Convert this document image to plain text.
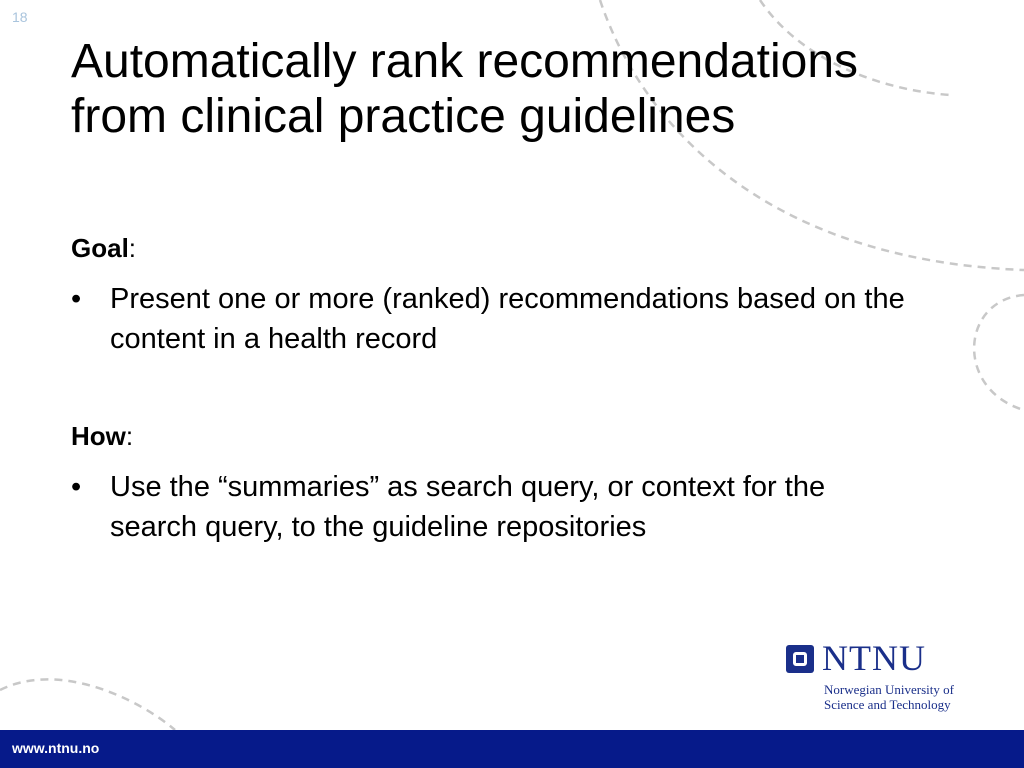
18
Automatically rank recommendations from clinical practice guidelines
Goal:
• Present one or more (ranked) recommendations based on the content in a health record
How:
• Use the “summaries” as search query, or context for the search query, to the guideline repositories
NTNU
Norwegian University of
Science and Technology
www.ntnu.no
